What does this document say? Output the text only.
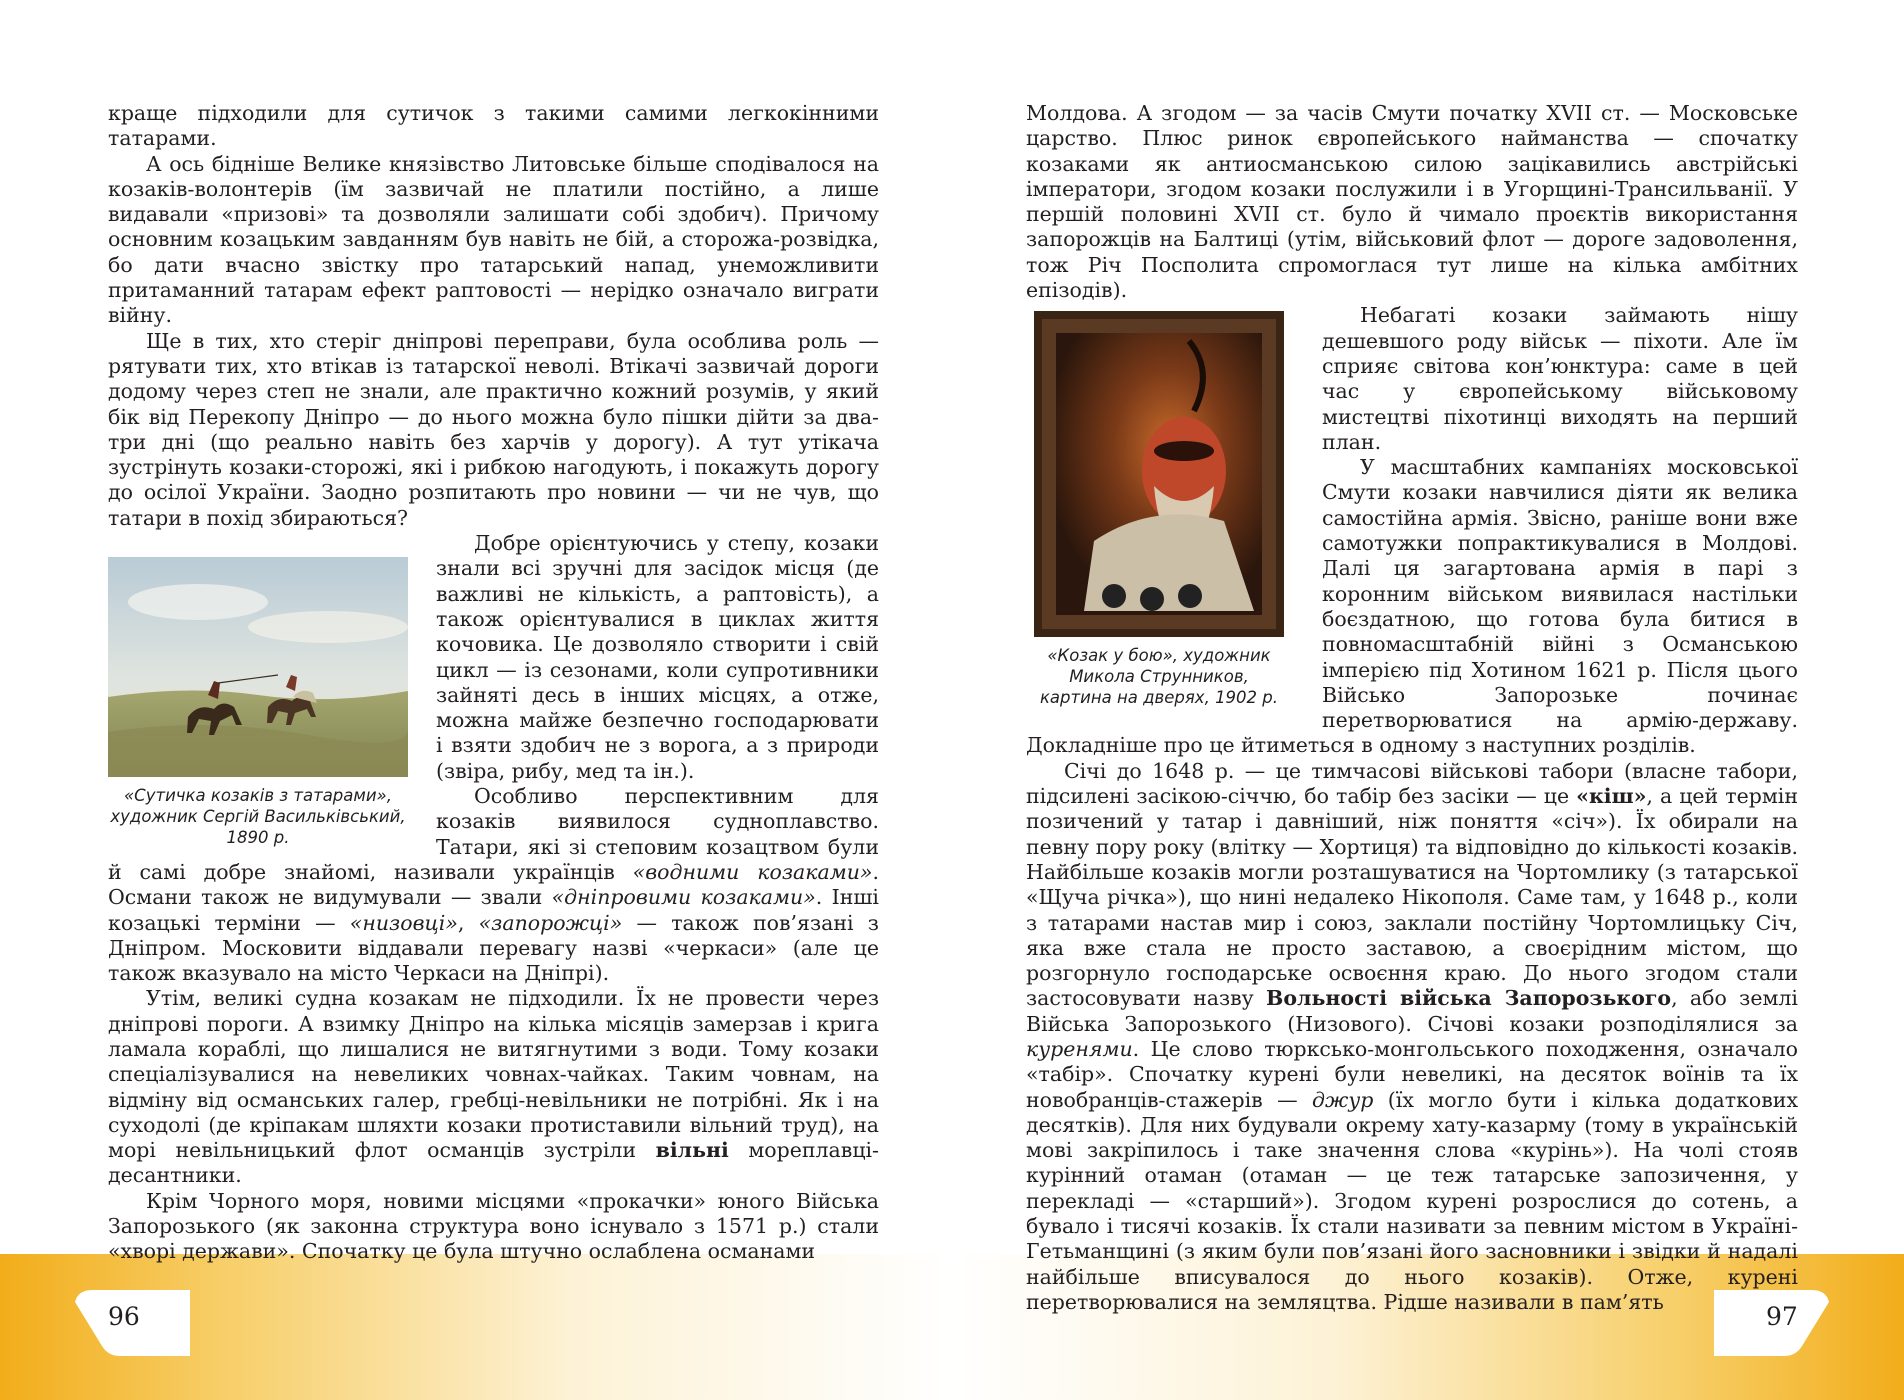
96	97

краще підходили для сутичок з такими самими легкокінними татарами.

А ось бідніше Велике князівство Литовське більше сподівалося на козаків-волонтерів (їм зазвичай не платили постійно, а лише видавали «призові» та дозволяли залишати собі здобич). Причому основним козацьким завданням був навіть не бій, а сторожа-розвідка, бо дати вчасно звістку про татарський напад, унеможливити притаманний татарам ефект раптовості — нерідко означало виграти війну.

Ще в тих, хто стеріг дніпрові переправи, була особлива роль — рятувати тих, хто втікав із татарскої неволі. Втікачі зазвичай дороги додому через степ не знали, але практично кожний розумів, у який бік від Перекопу Дніпро — до нього можна було пішки дійти за два-три дні (що реально навіть без харчів у дорогу). А тут утікача зустрінуть козаки-сторожі, які і рибкою нагодують, і покажуть дорогу до осілої України. Заодно розпитають про новини — чи не чув, що татари в похід збираються?

«Сутичка козаків з татарами», художник Сергій Васильківський, 1890 р.

Добре орієнтуючись у степу, козаки знали всі зручні для засідок місця (де важливі не кількість, а раптовість), а також орієнтувалися в циклах життя кочовика. Це дозволяло створити і свій цикл — із сезонами, коли супротивники зайняті десь в інших місцях, а отже, можна майже безпечно господарювати і взяти здобич не з ворога, а з природи (звіра, рибу, мед та ін.).

Особливо перспективним для козаків виявилося судноплавство. Татари, які зі степовим козацтвом були й самі добре знайомі, називали українців «водними козаками». Османи також не видумували — звали «дніпровими козаками». Інші козацькі терміни — «низовці», «запорожці» — також пов’язані з Дніпром. Московити віддавали перевагу назві «черкаси» (але це також вказувало на місто Черкаси на Дніпрі).

Утім, великі судна козакам не підходили. Їх не провести через дніпрові пороги. А взимку Дніпро на кілька місяців замерзав і крига ламала кораблі, що лишалися не витягнутими з води. Тому козаки спеціалізувалися на невеликих човнах-чайках. Таким човнам, на відміну від османських галер, гребці-невільники не потрібні. Як і на суходолі (де кріпакам шляхти козаки протиставили вільний труд), на морі невільницький флот османців зустріли вільні мореплавці-десантники.

Крім Чорного моря, новими місцями «прокачки» юного Війська Запорозького (як законна структура воно існувало з 1571 р.) стали «хворі держави». Спочатку це була штучно ослаблена османами

Молдова. А згодом — за часів Смути початку XVII ст. — Московське царство. Плюс ринок європейського найманства — спочатку козаками як антиосманською силою зацікавились австрійські імператори, згодом козаки послужили і в Угорщині-Трансильванії. У першій половині XVII ст. було й чимало проєктів використання запорожців на Балтиці (утім, військовий флот — дороге задоволення, тож Річ Посполита спромоглася тут лише на кілька амбітних епізодів).

«Козак у бою», художник Микола Струнников, картина на дверях, 1902 р.

Небагаті козаки займають нішу дешевшого роду військ — піхоти. Але їм сприяє світова кон’юнктура: саме в цей час у європейському військовому мистецтві піхотинці виходять на перший план.

У масштабних кампаніях московської Смути козаки навчилися діяти як велика самостійна армія. Звісно, раніше вони вже самотужки попрактикувалися в Молдові. Далі ця загартована армія в парі з коронним військом виявилася настільки боєздатною, що готова була битися в повномасштабній війні з Османською імперією під Хотином 1621 р. Після цього Військо Запорозьке починає перетворюватися на армію-державу. Докладніше про це йтиметься в одному з наступних розділів.

Січі до 1648 р. — це тимчасові військові табори (власне табори, підсилені засікою-січчю, бо табір без засіки — це «кіш», а цей термін позичений у татар і давніший, ніж поняття «січ»). Їх обирали на певну пору року (влітку — Хортиця) та відповідно до кількості козаків. Найбільше козаків могли розташуватися на Чортомлику (з татарської «Щуча річка»), що нині недалеко Нікополя. Саме там, у 1648 р., коли з татарами настав мир і союз, заклали постійну Чортомлицьку Січ, яка вже стала не просто заставою, а своєрідним містом, що розгорнуло господарське освоєння краю. До нього згодом стали застосовувати назву Вольності війська Запорозького, або землі Війська Запорозького (Низового). Січові козаки розподілялися за куренями. Це слово тюрксько-монгольського походження, означало «табір». Спочатку курені були невеликі, на десяток воїнів та їх новобранців-стажерів — джур (їх могло бути і кілька додаткових десятків). Для них будували окрему хату-казарму (тому в українській мові закріпилось і таке значення слова «курінь»). На чолі стояв курінний отаман (отаман — це теж татарське запозичення, у перекладі — «старший»). Згодом курені розрослися до сотень, а бувало і тисячі козаків. Їх стали називати за певним містом в Україні-Гетьманщині (з яким були пов’язані його засновники і звідки й надалі найбільше вписувалося до нього козаків). Отже, курені перетворювалися на земляцтва. Рідше називали в пам’ять
